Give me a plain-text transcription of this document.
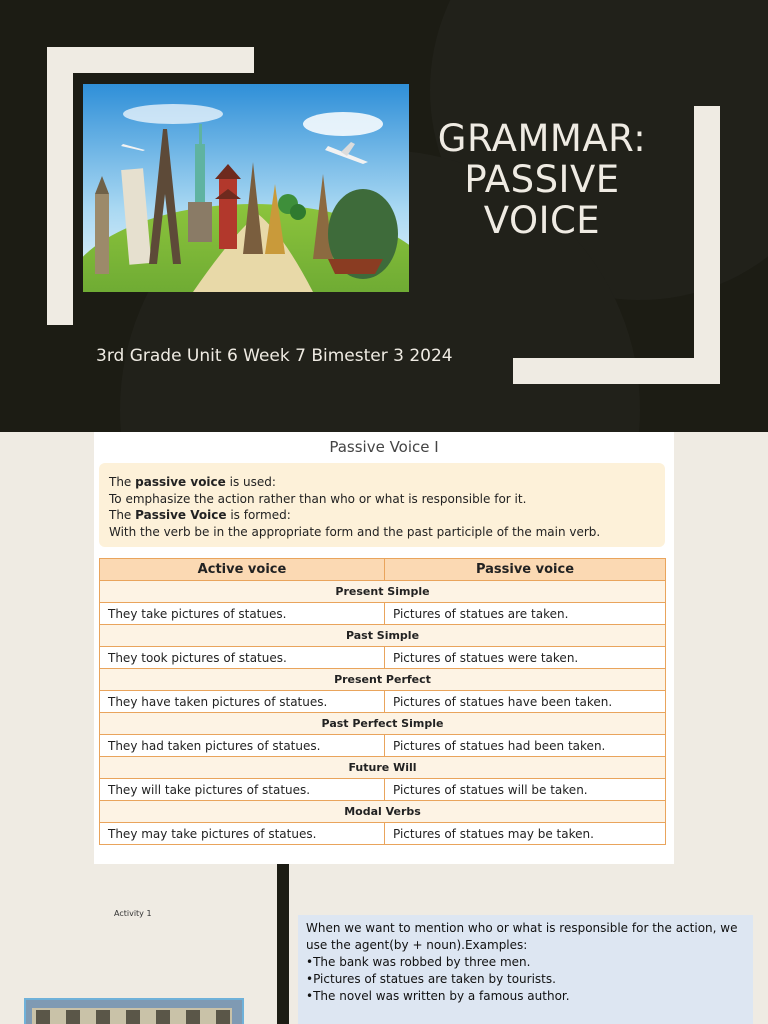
GRAMMAR:
PASSIVE
VOICE
3rd Grade Unit 6 Week 7 Bimester 3 2024
Passive Voice I
The passive voice is used:
To emphasize the action rather than who or what is responsible for it.
The Passive Voice is formed:
With the verb be in the appropriate form and the past participle of the main verb.
Active voice	Passive voice
Present Simple	
They take pictures of statues.	Pictures of statues are taken.
Past Simple	
They took pictures of statues.	Pictures of statues were taken.
Present Perfect	
They have taken pictures of statues.	Pictures of statues have been taken.
Past Perfect Simple	
They had taken pictures of statues.	Pictures of statues had been taken.
Future Will	
They will take pictures of statues.	Pictures of statues will be taken.
Modal Verbs	
They may take pictures of statues.	Pictures of statues may be taken.
Activity 1

When we want to mention who or what is responsible for the action, we use the agent(by + noun).Examples:

•The bank was robbed by three men.

•Pictures of statues are taken by tourists.

•The novel was written by a famous author.
